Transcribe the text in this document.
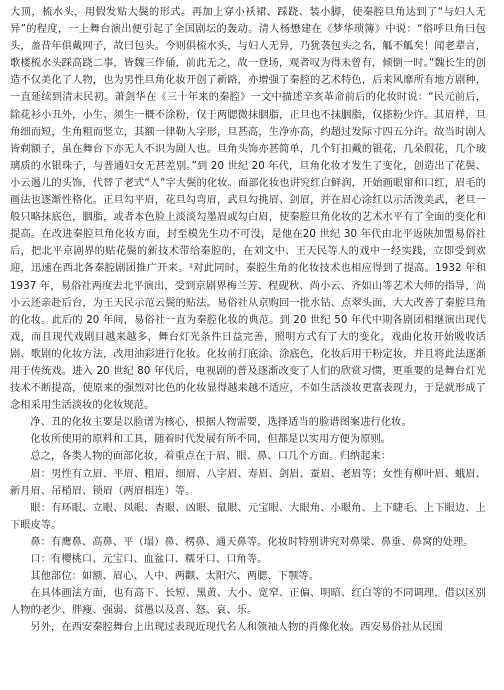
大顶，梳水头，用假发贴大鬓的形式。再加上穿小袄裙、踩跷、装小脚，使秦腔旦角达到了“与妇人无异”的程度，一上舞台演出便引起了全国剧坛的轰动。清人杨懋建在《梦华琐簿》中说：“俗呼旦角曰包头，盖昔年俱戴网子，故曰包头。今则俱梳水头，与妇人无异，乃犹袭包头之名，觚不觚矣！闻老辈言，歌楼梳水头踩高跷二事，皆魏三作俑，前此无之，故一登场，观者叹为得未曾有，倾倒一时。”魏长生的创造不仅美化了人物，也为男性旦角化妆开创了新路，亦增强了秦腔的艺术特色，后来风靡所有地方剧种，一直延续到清末民初。萧剑华在《三十年来的秦腔》一文中描述辛亥革命前后的化妆时说：“民元前后，除花衫小丑外，小生、须生一概不涂粉，仅于两腮微抹胭脂，正旦也不抹胭脂，仅搽粉少许。其眉样，旦角细而短，生角粗而竖立，其额一律勒人字形，旦甚高，生净亦高，约超过发际寸四五分许。故当时剧人皆剃额子，虽在舞台下亦无人不识为剧人也。旦角头饰亦甚简单，几个钉扣戴的银花，几朵假花，几个玻璃质的水银珠子，与普通妇女无甚差别。”到 20 世纪 20 年代，旦角化妆才发生了变化，创造出了花鬓、小云遏儿的头饰，代替了老式“人”字大鬓的化妆。面部化妆也讲究红白鲜润，开始画眼窜和口红，眉毛的画法也逐渐性格化。正旦勾平眉，花旦勾弯眉，武旦勾挑眉、剑眉，并在眉心涂红以示活泼美武，老旦一般只略抹底色，胭脂，或者本色脸上淡淡勾墨眉或勾白眉，使秦腔旦角化妆的艺术水平有了全面的变化和提高。在改进秦腔旦角化妆方面，封至模先生功不可没，是他在20 世纪 30 年代由北平返陕加盟易俗社后，把北平京剧界的贴花鬓的新技术带给秦腔的，在刘文中、王天民等人的戏中一经实践，立即受到欢迎，迅速在西北各秦腔剧团推广开来。¹对此同时，秦腔生角的化妆技术也相应得到了提高。1932 年和 1937 年，易俗社两度去北平演出，受到京剧界梅兰芳、程砚秋、尚小云、齐如山等艺术大师的指导，尚小云还亲赴后台，为王天民示范云鬓的贴法。易俗社从京购回一批水钻、点翠头面，大大改善了秦腔旦角的化妆。此后的 20 年间，易俗社一直为秦腔化妆的典范。到 20 世纪 50 年代中期各剧团相继演出现代戏，而且现代戏剧目越来越多，舞台灯光条件日益完善，照明方式有了大的变化，戏曲化妆开始吸收话剧、歌剧的化妆方法，改用油彩进行化妆。化妆前打底涂、涂底色，化妆后用干粉定妆，并且将此法逐渐用于传统戏。进入 20 世纪 80 年代后，电视剧的普及逐渐改变了人们的欣赏习惯，更重要的是舞台灯光技术不断提高，使原来的强烈对比色的化妆显得越来越不适应，不如生活淡妆更富表现力，于是就形成了念相采用生活淡妆的化妆规范。

净、丑的化妆主要是以脸谱为核心，根据人物需要，选择适当的脸谱图案进行化妆。

化妆所使用的原料和工具，随着时代发展有所不同，但都是以实用方便为原则。

总之，各类人物的面部化妆，着重点在于眉、眼、鼻、口几个方面。归纳起来：

眉：男性有立眉、平眉、粗眉、细眉、八字眉、寿眉、剑眉、蚕眉、老眉等；女性有柳叶眉、蛾眉、新月眉、吊梢眉、锁眉（两眉相连）等。

眼：有环眼、立眼、凤眼、杏眼、凶眼、鼠眼、元宝眼、大眼角、小眼角、上下睫毛、上下眼边、上下眼皮等。

鼻：有鹰鼻、高鼻、平（塌）鼻、楞鼻、通天鼻等。化妆时特别讲究对鼻梁、鼻垂、鼻窝的处理。

口：有樱桃口、元宝口、血盆口、糯牙口、口角等。

其他部位：如额、眉心、人中、两颧、太阳穴、两腮、下颚等。

在具体画法方面，也有高下、长短、黑黄、大小、宽窄、正偏、明暗、红白等的不同调理，借以区别人物的老少、胖瘦、强弱、贫愚以及喜、怒、哀、乐。

另外，在西安秦腔舞台上出现过表现近现代名人和领袖人物的肖像化妆。西安易俗社从民国
